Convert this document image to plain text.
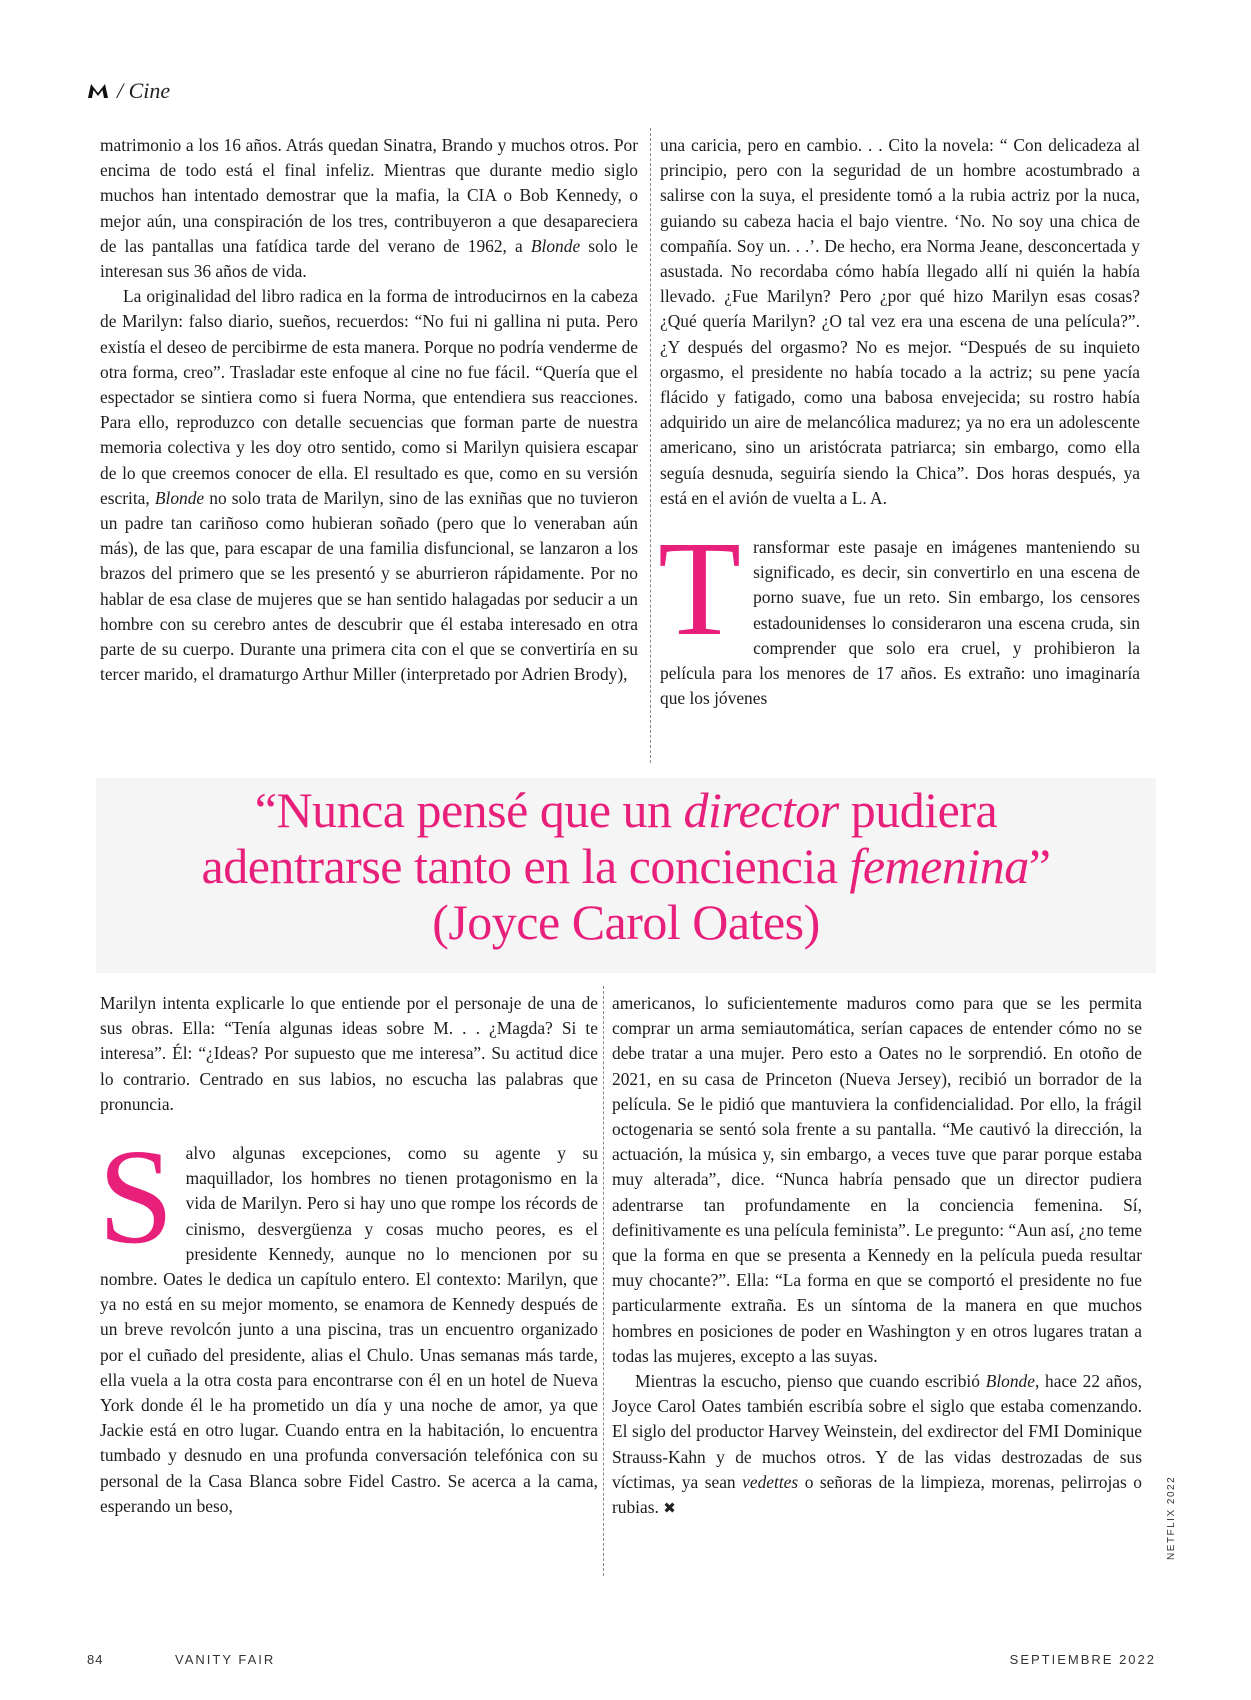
/ Cine

matrimonio a los 16 años. Atrás quedan Sinatra, Brando y muchos otros. Por encima de todo está el final infeliz. Mientras que durante medio siglo muchos han intentado demostrar que la mafia, la CIA o Bob Kennedy, o mejor aún, una conspiración de los tres, contribuyeron a que desapareciera de las pantallas una fatídica tarde del verano de 1962, a Blonde solo le interesan sus 36 años de vida.

La originalidad del libro radica en la forma de introducirnos en la cabeza de Marilyn: falso diario, sueños, recuerdos: “No fui ni gallina ni puta. Pero existía el deseo de percibirme de esta manera. Porque no podría venderme de otra forma, creo”. Trasladar este enfoque al cine no fue fácil. “Quería que el espectador se sintiera como si fuera Norma, que entendiera sus reacciones. Para ello, reproduzco con detalle secuencias que forman parte de nuestra memoria colectiva y les doy otro sentido, como si Marilyn quisiera escapar de lo que creemos conocer de ella. El resultado es que, como en su versión escrita, Blonde no solo trata de Marilyn, sino de las exniñas que no tuvieron un padre tan cariñoso como hubieran soñado (pero que lo veneraban aún más), de las que, para escapar de una familia disfuncional, se lanzaron a los brazos del primero que se les presentó y se aburrieron rápidamente. Por no hablar de esa clase de mujeres que se han sentido halagadas por seducir a un hombre con su cerebro antes de descubrir que él estaba interesado en otra parte de su cuerpo. Durante una primera cita con el que se convertiría en su tercer marido, el dramaturgo Arthur Miller (interpretado por Adrien Brody),

una caricia, pero en cambio. . . Cito la novela: “ Con delicadeza al principio, pero con la seguridad de un hombre acostumbrado a salirse con la suya, el presidente tomó a la rubia actriz por la nuca, guiando su cabeza hacia el bajo vientre. ‘No. No soy una chica de compañía. Soy un. . .’. De hecho, era Norma Jeane, desconcertada y asustada. No recordaba cómo había llegado allí ni quién la había llevado. ¿Fue Marilyn? Pero ¿por qué hizo Marilyn esas cosas? ¿Qué quería Marilyn? ¿O tal vez era una escena de una película?”. ¿Y después del orgasmo? No es mejor. “Después de su inquieto orgasmo, el presidente no había tocado a la actriz; su pene yacía flácido y fatigado, como una babosa envejecida; su rostro había adquirido un aire de melancólica madurez; ya no era un adolescente americano, sino un aristócrata patriarca; sin embargo, como ella seguía desnuda, seguiría siendo la Chica”. Dos horas después, ya está en el avión de vuelta a L. A.

T ransformar este pasaje en imágenes manteniendo su significado, es decir, sin convertirlo en una escena de porno suave, fue un reto. Sin embargo, los censores estadounidenses lo consideraron una escena cruda, sin comprender que solo era cruel, y prohibieron la película para los menores de 17 años. Es extraño: uno imaginaría que los jóvenes

“Nunca pensé que un director pudiera
adentrarse tanto en la conciencia femenina”
(Joyce Carol Oates)

Marilyn intenta explicarle lo que entiende por el personaje de una de sus obras. Ella: “Tenía algunas ideas sobre M. . . ¿Magda? Si te interesa”. Él: “¿Ideas? Por supuesto que me interesa”. Su actitud dice lo contrario. Centrado en sus labios, no escucha las palabras que pronuncia.

S alvo algunas excepciones, como su agente y su maquillador, los hombres no tienen protagonismo en la vida de Marilyn. Pero si hay uno que rompe los récords de cinismo, desvergüenza y cosas mucho peores, es el presidente Kennedy, aunque no lo mencionen por su nombre. Oates le dedica un capítulo entero. El contexto: Marilyn, que ya no está en su mejor momento, se enamora de Kennedy después de un breve revolcón junto a una piscina, tras un encuentro organizado por el cuñado del presidente, alias el Chulo. Unas semanas más tarde, ella vuela a la otra costa para encontrarse con él en un hotel de Nueva York donde él le ha prometido un día y una noche de amor, ya que Jackie está en otro lugar. Cuando entra en la habitación, lo encuentra tumbado y desnudo en una profunda conversación telefónica con su personal de la Casa Blanca sobre Fidel Castro. Se acerca a la cama, esperando un beso,

americanos, lo suficientemente maduros como para que se les permita comprar un arma semiautomática, serían capaces de entender cómo no se debe tratar a una mujer. Pero esto a Oates no le sorprendió. En otoño de 2021, en su casa de Princeton (Nueva Jersey), recibió un borrador de la película. Se le pidió que mantuviera la confidencialidad. Por ello, la frágil octogenaria se sentó sola frente a su pantalla. “Me cautivó la dirección, la actuación, la música y, sin embargo, a veces tuve que parar porque estaba muy alterada”, dice. “Nunca habría pensado que un director pudiera adentrarse tan profundamente en la conciencia femenina. Sí, definitivamente es una película feminista”. Le pregunto: “Aun así, ¿no teme que la forma en que se presenta a Kennedy en la película pueda resultar muy chocante?”. Ella: “La forma en que se comportó el presidente no fue particularmente extraña. Es un síntoma de la manera en que muchos hombres en posiciones de poder en Washington y en otros lugares tratan a todas las mujeres, excepto a las suyas.

Mientras la escucho, pienso que cuando escribió Blonde, hace 22 años, Joyce Carol Oates también escribía sobre el siglo que estaba comenzando. El siglo del productor Harvey Weinstein, del exdirector del FMI Dominique Strauss-Kahn y de muchos otros. Y de las vidas destrozadas de sus víctimas, ya sean vedettes o señoras de la limpieza, morenas, pelirrojas o rubias. ✖	NETFLIX 2022
84	VANITY FAIR	SEPTIEMBRE 2022
